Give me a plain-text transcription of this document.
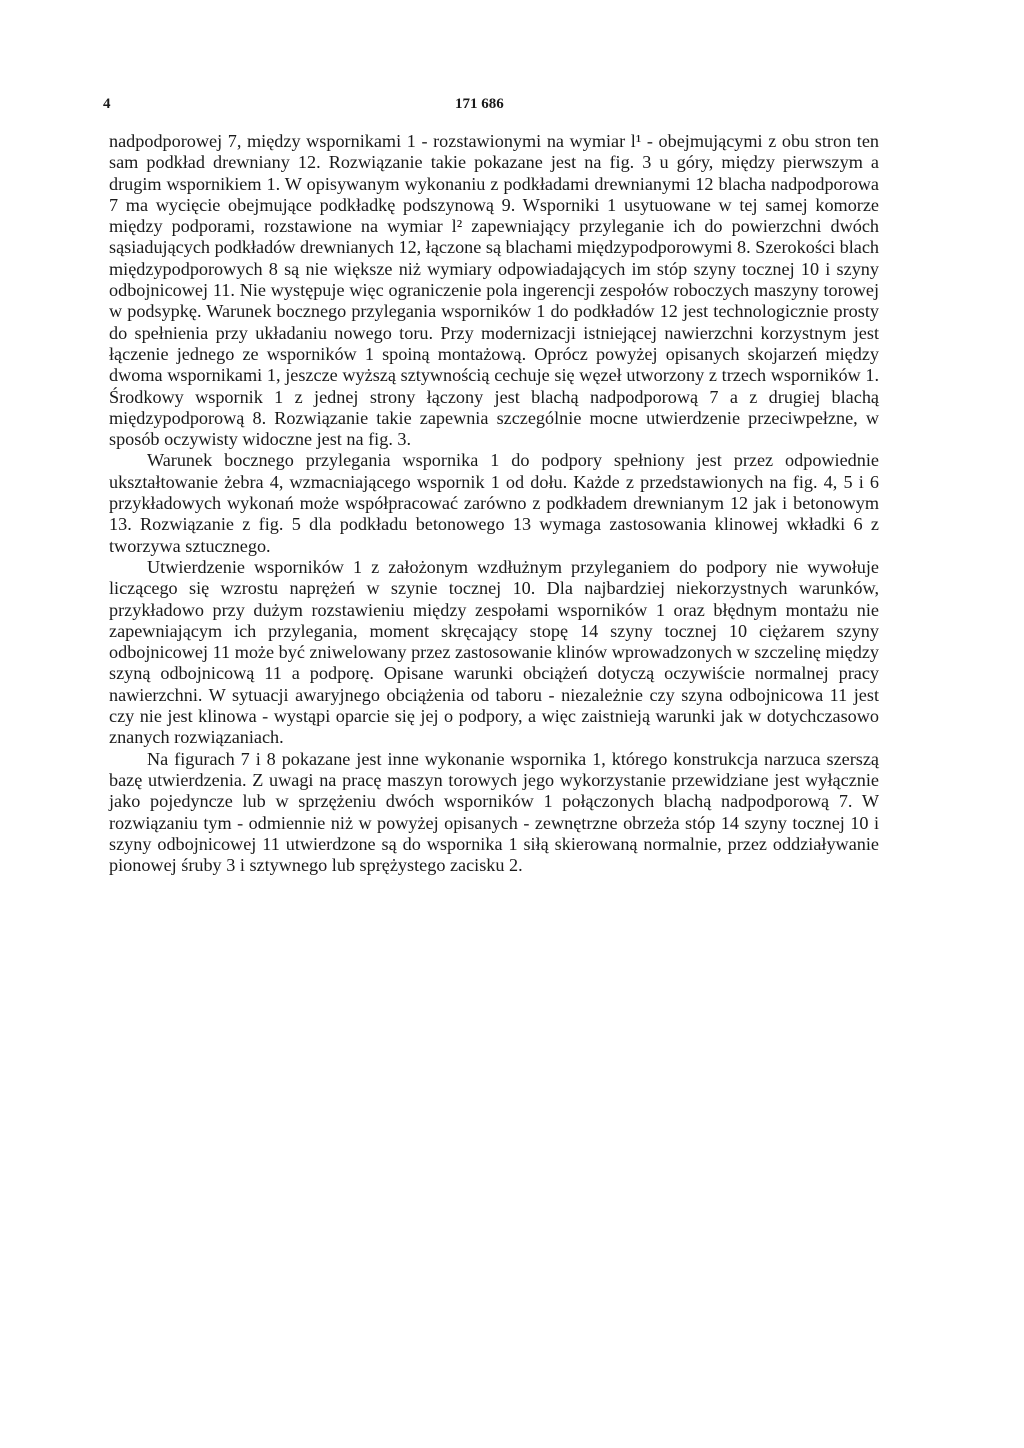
4	171 686

nadpodporowej 7, między wspornikami 1 - rozstawionymi na wymiar l¹ - obejmującymi z obu stron ten sam podkład drewniany 12. Rozwiązanie takie pokazane jest na fig. 3 u góry, między pierwszym a drugim wspornikiem 1. W opisywanym wykonaniu z podkładami drewnianymi 12 blacha nadpodporowa 7 ma wycięcie obejmujące podkładkę podszynową 9. Wsporniki 1 usytuowane w tej samej komorze między podporami, rozstawione na wymiar l² zapewniający przyleganie ich do powierzchni dwóch sąsiadujących podkładów drewnianych 12, łączone są blachami międzypodporowymi 8. Szerokości blach międzypodporowych 8 są nie większe niż wymiary odpowiadających im stóp szyny tocznej 10 i szyny odbojnicowej 11. Nie występuje więc ograniczenie pola ingerencji zespołów roboczych maszyny torowej w podsypkę. Warunek bocznego przylegania wsporników 1 do podkładów 12 jest technologicznie prosty do spełnienia przy układaniu nowego toru. Przy modernizacji istniejącej nawierzchni korzystnym jest łączenie jednego ze wsporników 1 spoiną montażową. Oprócz powyżej opisanych skojarzeń między dwoma wspornikami 1, jeszcze wyższą sztywnością cechuje się węzeł utworzony z trzech wsporników 1. Środkowy wspornik 1 z jednej strony łączony jest blachą nadpodporową 7 a z drugiej blachą międzypodporową 8. Rozwiązanie takie zapewnia szczególnie mocne utwierdzenie przeciwpełzne, w sposób oczywisty widoczne jest na fig. 3.

Warunek bocznego przylegania wspornika 1 do podpory spełniony jest przez odpowiednie ukształtowanie żebra 4, wzmacniającego wspornik 1 od dołu. Każde z przedstawionych na fig. 4, 5 i 6 przykładowych wykonań może współpracować zarówno z podkładem drewnianym 12 jak i betonowym 13. Rozwiązanie z fig. 5 dla podkładu betonowego 13 wymaga zastosowania klinowej wkładki 6 z tworzywa sztucznego.

Utwierdzenie wsporników 1 z założonym wzdłużnym przyleganiem do podpory nie wywołuje liczącego się wzrostu naprężeń w szynie tocznej 10. Dla najbardziej niekorzystnych warunków, przykładowo przy dużym rozstawieniu między zespołami wsporników 1 oraz błędnym montażu nie zapewniającym ich przylegania, moment skręcający stopę 14 szyny tocznej 10 ciężarem szyny odbojnicowej 11 może być zniwelowany przez zastosowanie klinów wprowadzonych w szczelinę między szyną odbojnicową 11 a podporę. Opisane warunki obciążeń dotyczą oczywiście normalnej pracy nawierzchni. W sytuacji awaryjnego obciążenia od taboru - niezależnie czy szyna odbojnicowa 11 jest czy nie jest klinowa - wystąpi oparcie się jej o podpory, a więc zaistnieją warunki jak w dotychczasowo znanych rozwiązaniach.

Na figurach 7 i 8 pokazane jest inne wykonanie wspornika 1, którego konstrukcja narzuca szerszą bazę utwierdzenia. Z uwagi na pracę maszyn torowych jego wykorzystanie przewidziane jest wyłącznie jako pojedyncze lub w sprzężeniu dwóch wsporników 1 połączonych blachą nadpodporową 7. W rozwiązaniu tym - odmiennie niż w powyżej opisanych - zewnętrzne obrzeża stóp 14 szyny tocznej 10 i szyny odbojnicowej 11 utwierdzone są do wspornika 1 siłą skierowaną normalnie, przez oddziaływanie pionowej śruby 3 i sztywnego lub sprężystego zacisku 2.
